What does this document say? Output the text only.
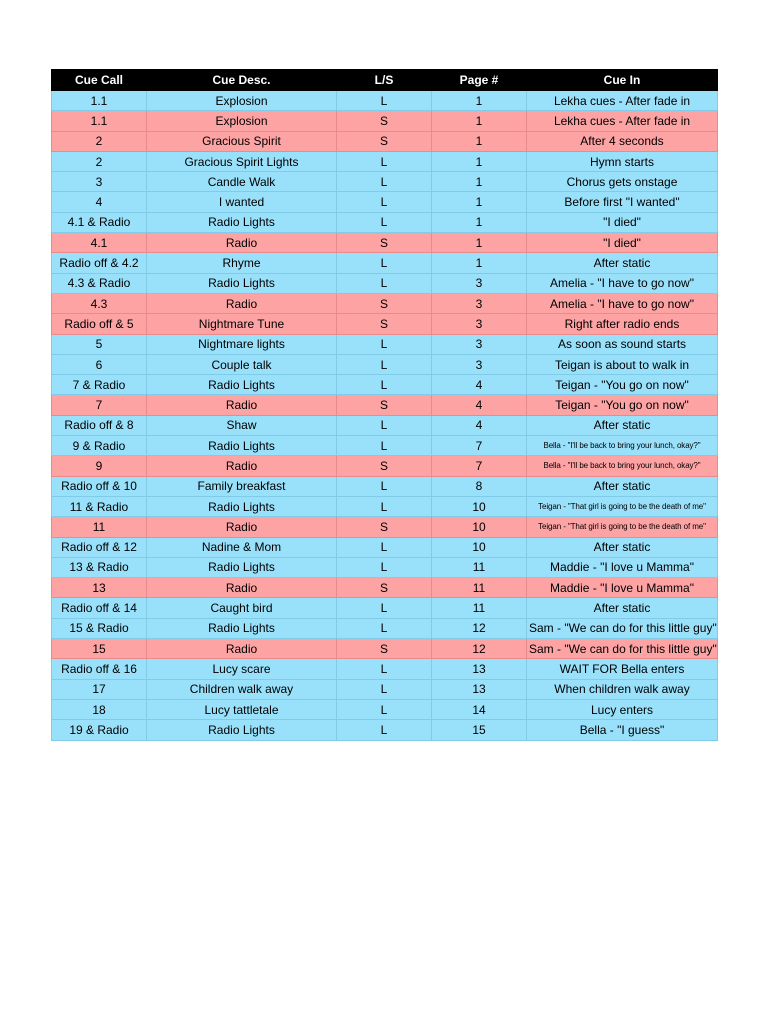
Cue Call	Cue Desc.	L/S	Page #	Cue In
1.1	Explosion	L	1	Lekha cues - After fade in
1.1	Explosion	S	1	Lekha cues - After fade in
2	Gracious Spirit	S	1	After 4 seconds
2	Gracious Spirit Lights	L	1	Hymn starts
3	Candle Walk	L	1	Chorus gets onstage
4	I wanted	L	1	Before first "I wanted"
4.1 & Radio	Radio Lights	L	1	"I died"
4.1	Radio	S	1	"I died"
Radio off & 4.2	Rhyme	L	1	After static
4.3 & Radio	Radio Lights	L	3	Amelia - "I have to go now"
4.3	Radio	S	3	Amelia - "I have to go now"
Radio off & 5	Nightmare Tune	S	3	Right after radio ends
5	Nightmare lights	L	3	As soon as sound starts
6	Couple talk	L	3	Teigan is about to walk in
7 & Radio	Radio Lights	L	4	Teigan - "You go on now"
7	Radio	S	4	Teigan - "You go on now"
Radio off & 8	Shaw	L	4	After static
9 & Radio	Radio Lights	L	7	Bella - "I'll be back to bring your lunch, okay?"
9	Radio	S	7	Bella - "I'll be back to bring your lunch, okay?"
Radio off & 10	Family breakfast	L	8	After static
11 & Radio	Radio Lights	L	10	Teigan - "That girl is going to be the death of me"
11	Radio	S	10	Teigan - "That girl is going to be the death of me"
Radio off & 12	Nadine & Mom	L	10	After static
13 & Radio	Radio Lights	L	11	Maddie - "I love u Mamma"
13	Radio	S	11	Maddie - "I love u Mamma"
Radio off & 14	Caught bird	L	11	After static
15 & Radio	Radio Lights	L	12	Sam - "We can do for this little guy"
15	Radio	S	12	Sam - "We can do for this little guy"
Radio off & 16	Lucy scare	L	13	WAIT FOR Bella enters
17	Children walk away	L	13	When children walk away
18	Lucy tattletale	L	14	Lucy enters
19 & Radio	Radio Lights	L	15	Bella - "I guess"
